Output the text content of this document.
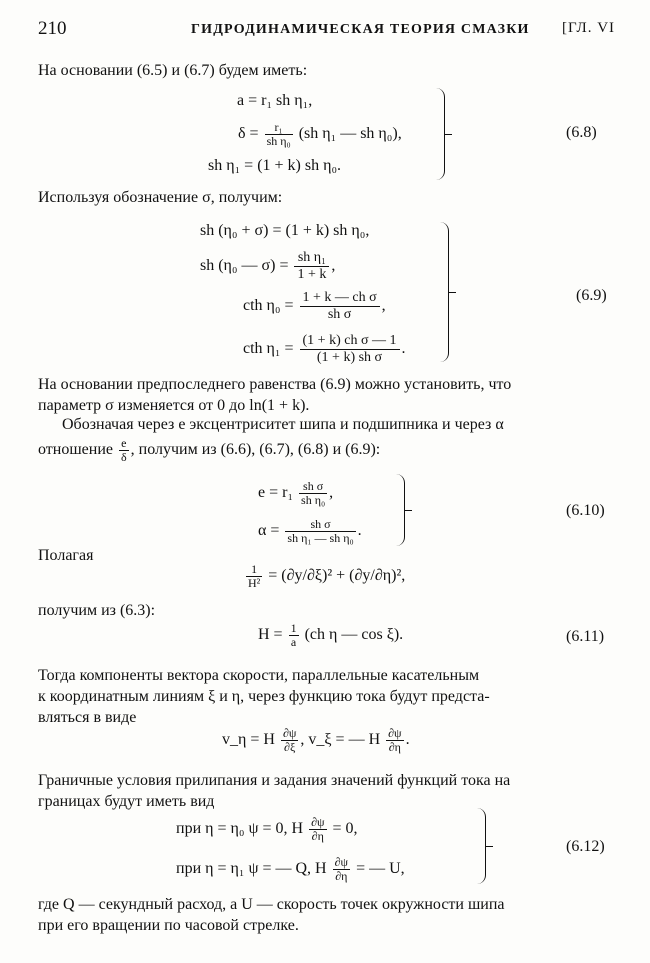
210	ГИДРОДИНАМИЧЕСКАЯ ТЕОРИЯ СМАЗКИ [ГЛ. VI
На основании (6.5) и (6.7) будем иметь:
a = r₁ sh η₁,
$\delta = \frac{\text{r₁}}{\text{sh η₀}} (sh$ η₁ — sh η₀),
sh η₁ = (1 + k) sh η₀.
(6.8)
Используя обозначение σ, получим:
sh (η₀ + σ) = (1 + k) sh η₀,
sh (η₀ — $\sigma) = \frac{\text{sh η₁}}{1 + k}$ ,
cth $\eta_0 = \frac{\text{1 + k — ch σ}}{\text{sh σ}}$ ,
cth $\eta_1 = \frac{\text{(1 + k) ch σ — 1}}{\text{(1 + k) sh σ}}$ .
(6.9)
На основании предпоследнего равенства (6.9) можно установить, что
параметр σ изменяется от 0 до ln(1 + k).
Обозначая через e эксцентриситет шипа и подшипника и через α
отношение $\frac{e}{\delta}$ , получим из (6.6), (6.7), (6.8) и (6.9):
$e = r_1 \frac{\text{sh σ}}{\text{sh η₀}}$ ,
$\alpha = \frac{\text{sh σ}}{\text{sh η₁ — sh η₀}}$ .
(6.10)
Полагая
$\frac{1}{\text{H²}} = (\partial y/\partial\xi)^2 + (\partial y/\partial\eta)^2$,
получим из (6.3):
$H = \frac{1}{a} (ch$ η — cos ξ).	(6.11)
Тогда компоненты вектора скорости, параллельные касательным
к координатным линиям ξ и η, через функцию тока будут предста-
вляться в виде
v_η = H $\frac{\partial\psi}{\partial\xi}$ , v_ξ = — H $\frac{\partial\psi}{\partial\eta}$ .
Граничные условия прилипания и задания значений функций тока на
границах будут иметь вид
при η = η₀ ψ = 0, H $\frac{\partial\psi}{\partial\eta} = 0$,
при η = η₁ ψ = — Q, H $\frac{\partial\psi}{\partial\eta}$ = — U,
(6.12)
где Q — секундный расход, а U — скорость точек окружности шипа
при его вращении по часовой стрелке.
